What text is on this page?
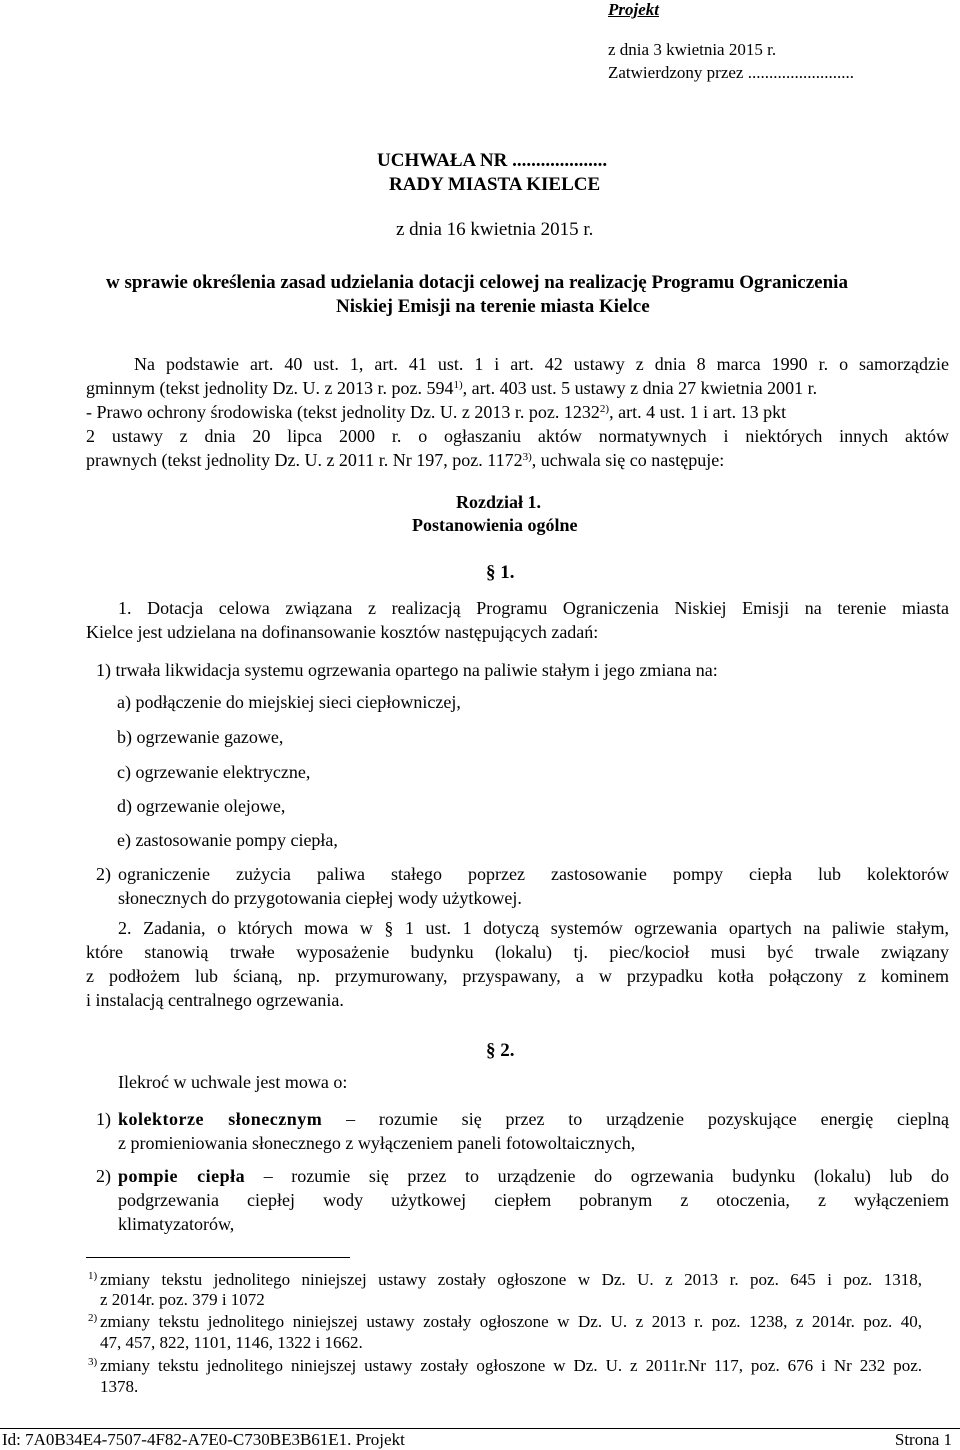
Projekt
z dnia 3 kwietnia 2015 r.
Zatwierdzony przez .........................
UCHWAŁA NR ....................
RADY MIASTA KIELCE
z dnia 16 kwietnia 2015 r.
w sprawie określenia zasad udzielania dotacji celowej na realizację Programu Ograniczenia
Niskiej Emisji na terenie miasta Kielce
Na podstawie art. 40 ust. 1, art. 41 ust. 1 i art. 42 ustawy z dnia 8 marca 1990 r. o samorządzie
gminnym (tekst jednolity Dz. U. z 2013 r. poz. 594$^{1)}$, art. 403 ust. 5 ustawy z dnia 27 kwietnia 2001 r.
- Prawo ochrony środowiska (tekst jednolity Dz. U. z 2013 r. poz. 1232$^{2)}$, art. 4 ust. 1 i art. 13 pkt
2 ustawy z dnia 20 lipca 2000 r. o ogłaszaniu aktów normatywnych i niektórych innych aktów
prawnych (tekst jednolity Dz. U. z 2011 r. Nr 197, poz. 1172$^{3)}$, uchwala się co następuje:
Rozdział 1.
Postanowienia ogólne
§ 1.
1. Dotacja celowa związana z realizacją Programu Ograniczenia Niskiej Emisji na terenie miasta
Kielce jest udzielana na dofinansowanie kosztów następujących zadań:
1) trwała likwidacja systemu ogrzewania opartego na paliwie stałym i jego zmiana na:
a) podłączenie do miejskiej sieci ciepłowniczej,
b) ogrzewanie gazowe,
c) ogrzewanie elektryczne,
d) ogrzewanie olejowe,
e) zastosowanie pompy ciepła,
2) ograniczenie zużycia paliwa stałego poprzez zastosowanie pompy ciepła lub kolektorów
słonecznych do przygotowania ciepłej wody użytkowej.
2. Zadania, o których mowa w § 1 ust. 1 dotyczą systemów ogrzewania opartych na paliwie stałym,
które stanowią trwałe wyposażenie budynku (lokalu) tj. piec/kocioł musi być trwale związany
z podłożem lub ścianą, np. przymurowany, przyspawany, a w przypadku kotła połączony z kominem
i instalacją centralnego ogrzewania.
§ 2.
Ilekroć w uchwale jest mowa o:
1) kolektorze słonecznym – rozumie się przez to urządzenie pozyskujące energię cieplną
z promieniowania słonecznego z wyłączeniem paneli fotowoltaicznych,
2) pompie ciepła – rozumie się przez to urządzenie do ogrzewania budynku (lokalu) lub do
podgrzewania ciepłej wody użytkowej ciepłem pobranym z otoczenia, z wyłączeniem
klimatyzatorów,
1) zmiany tekstu jednolitego niniejszej ustawy zostały ogłoszone w Dz. U. z 2013 r. poz. 645 i poz. 1318,
z 2014r. poz. 379 i 1072
2) zmiany tekstu jednolitego niniejszej ustawy zostały ogłoszone w Dz. U. z 2013 r. poz. 1238, z 2014r. poz. 40,
47, 457, 822, 1101, 1146, 1322 i 1662.
3) zmiany tekstu jednolitego niniejszej ustawy zostały ogłoszone w Dz. U. z 2011r.Nr 117, poz. 676 i Nr 232 poz.
1378.
Id: 7A0B34E4-7507-4F82-A7E0-C730BE3B61E1. Projekt	Strona 1
